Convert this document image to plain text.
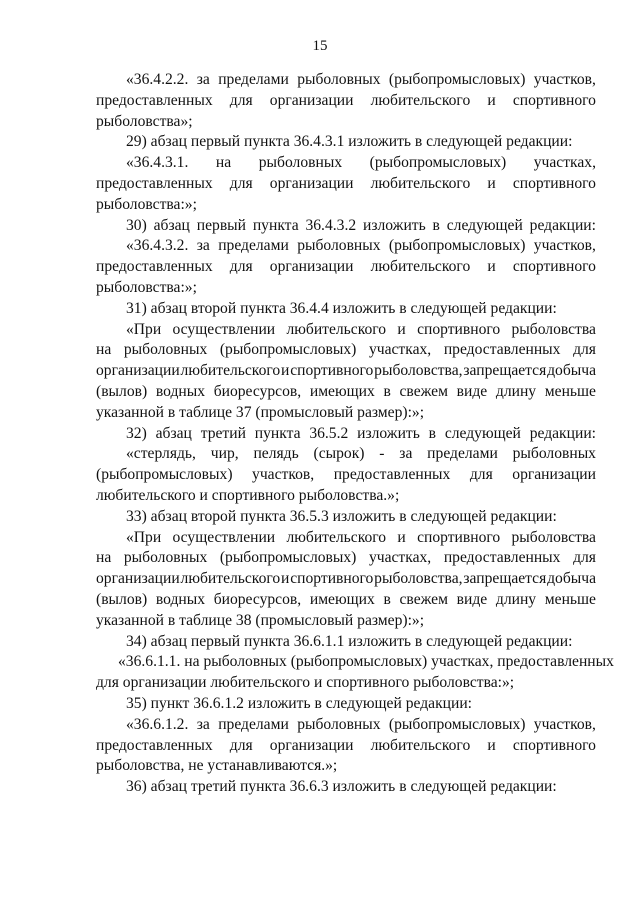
15
«36.4.2.2. за пределами рыболовных (рыбопромысловых) участков,
предоставленных для организации любительского и спортивного
рыболовства»;
29) абзац первый пункта 36.4.3.1 изложить в следующей редакции:
«36.4.3.1. на рыболовных (рыбопромысловых) участках,
предоставленных для организации любительского и спортивного
рыболовства:»;
30) абзац первый пункта 36.4.3.2 изложить в следующей редакции:
«36.4.3.2. за пределами рыболовных (рыбопромысловых) участков,
предоставленных для организации любительского и спортивного
рыболовства:»;
31) абзац второй пункта 36.4.4 изложить в следующей редакции:
«При осуществлении любительского и спортивного рыболовства
на рыболовных (рыбопромысловых) участках, предоставленных для
организации любительского и спортивного рыболовства, запрещается добыча
(вылов) водных биоресурсов, имеющих в свежем виде длину меньше
указанной в таблице 37 (промысловый размер):»;
32) абзац третий пункта 36.5.2 изложить в следующей редакции:
«стерлядь, чир, пелядь (сырок) - за пределами рыболовных
(рыбопромысловых) участков, предоставленных для организации
любительского и спортивного рыболовства.»;
33) абзац второй пункта 36.5.3 изложить в следующей редакции:
«При осуществлении любительского и спортивного рыболовства
на рыболовных (рыбопромысловых) участках, предоставленных для
организации любительского и спортивного рыболовства, запрещается добыча
(вылов) водных биоресурсов, имеющих в свежем виде длину меньше
указанной в таблице 38 (промысловый размер):»;
34) абзац первый пункта 36.6.1.1 изложить в следующей редакции:
«36.6.1.1. на рыболовных (рыбопромысловых) участках, предоставленных
для организации любительского и спортивного рыболовства:»;
35) пункт 36.6.1.2 изложить в следующей редакции:
«36.6.1.2. за пределами рыболовных (рыбопромысловых) участков,
предоставленных для организации любительского и спортивного
рыболовства, не устанавливаются.»;
36) абзац третий пункта 36.6.3 изложить в следующей редакции:
